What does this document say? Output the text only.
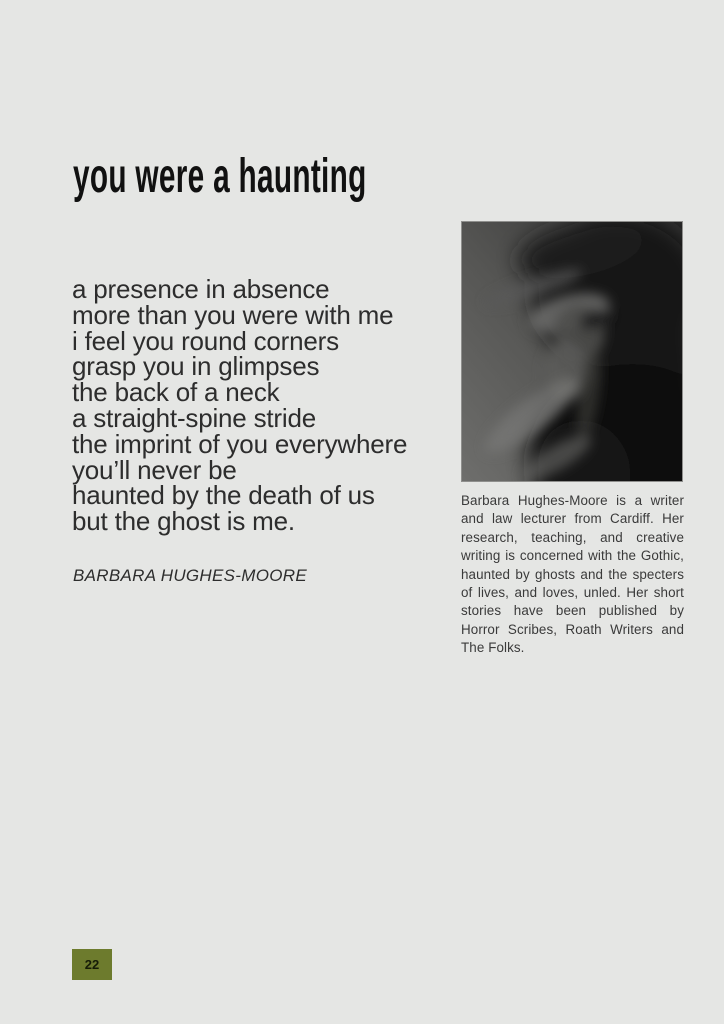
you were a haunting
a presence in absence
more than you were with me
i feel you round corners
grasp you in glimpses
the back of a neck
a straight-spine stride
the imprint of you everywhere
you’ll never be
haunted by the death of us
but the ghost is me.
BARBARA HUGHES-MOORE

Barbara Hughes-Moore is a writer and law lecturer from Cardiff. Her research, teaching, and creative writing is concerned with the Gothic, haunted by ghosts and the specters of lives, and loves, unled. Her short stories have been published by Horror Scribes, Roath Writers and The Folks.

22
